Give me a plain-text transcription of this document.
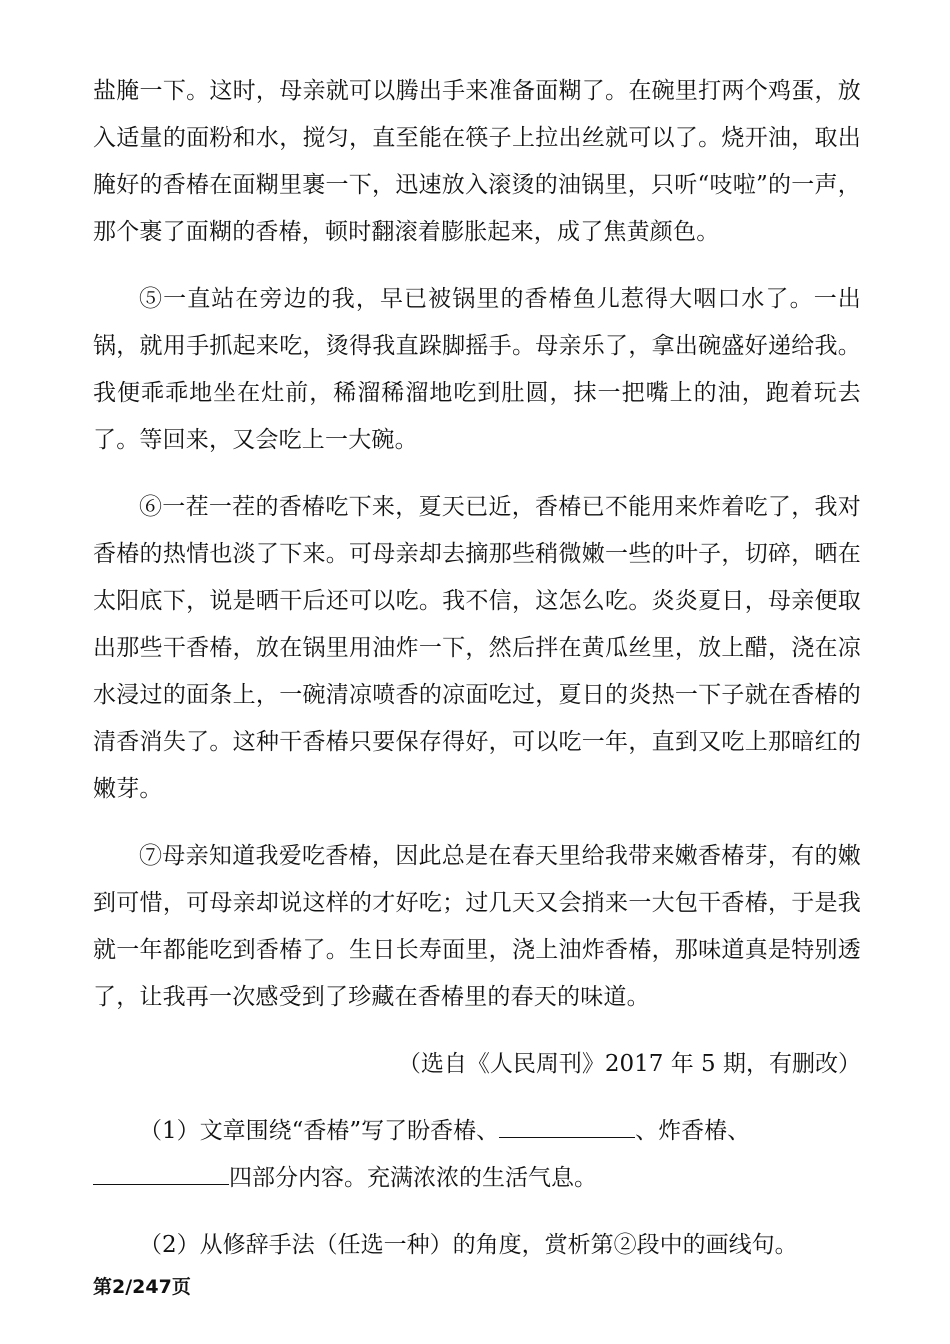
盐腌一下。这时，母亲就可以腾出手来准备面糊了。在碗里打两个鸡蛋，放入适量的面粉和水，搅匀，直至能在筷子上拉出丝就可以了。烧开油，取出腌好的香椿在面糊里裹一下，迅速放入滚烫的油锅里，只听“吱啦”的一声，那个裹了面糊的香椿，顿时翻滚着膨胀起来，成了焦黄颜色。

⑤一直站在旁边的我，早已被锅里的香椿鱼儿惹得大咽口水了。一出锅，就用手抓起来吃，烫得我直跺脚摇手。母亲乐了，拿出碗盛好递给我。我便乖乖地坐在灶前，稀溜稀溜地吃到肚圆，抹一把嘴上的油，跑着玩去了。等回来，又会吃上一大碗。

⑥一茬一茬的香椿吃下来，夏天已近，香椿已不能用来炸着吃了，我对香椿的热情也淡了下来。可母亲却去摘那些稍微嫩一些的叶子，切碎，晒在太阳底下，说是晒干后还可以吃。我不信，这怎么吃。炎炎夏日，母亲便取出那些干香椿，放在锅里用油炸一下，然后拌在黄瓜丝里，放上醋，浇在凉水浸过的面条上，一碗清凉喷香的凉面吃过，夏日的炎热一下子就在香椿的清香消失了。这种干香椿只要保存得好，可以吃一年，直到又吃上那暗红的嫩芽。

⑦母亲知道我爱吃香椿，因此总是在春天里给我带来嫩香椿芽，有的嫩到可惜，可母亲却说这样的才好吃；过几天又会捎来一大包干香椿，于是我就一年都能吃到香椿了。生日长寿面里，浇上油炸香椿，那味道真是特别透了，让我再一次感受到了珍藏在香椿里的春天的味道。

（选自《人民周刊》2017 年 5 期，有删改）

（1）文章围绕“香椿”写了盼香椿、	、炸香椿、四部分内容。充满浓浓的生活气息。

（2）从修辞手法（任选一种）的角度，赏析第②段中的画线句。

第2/247页
